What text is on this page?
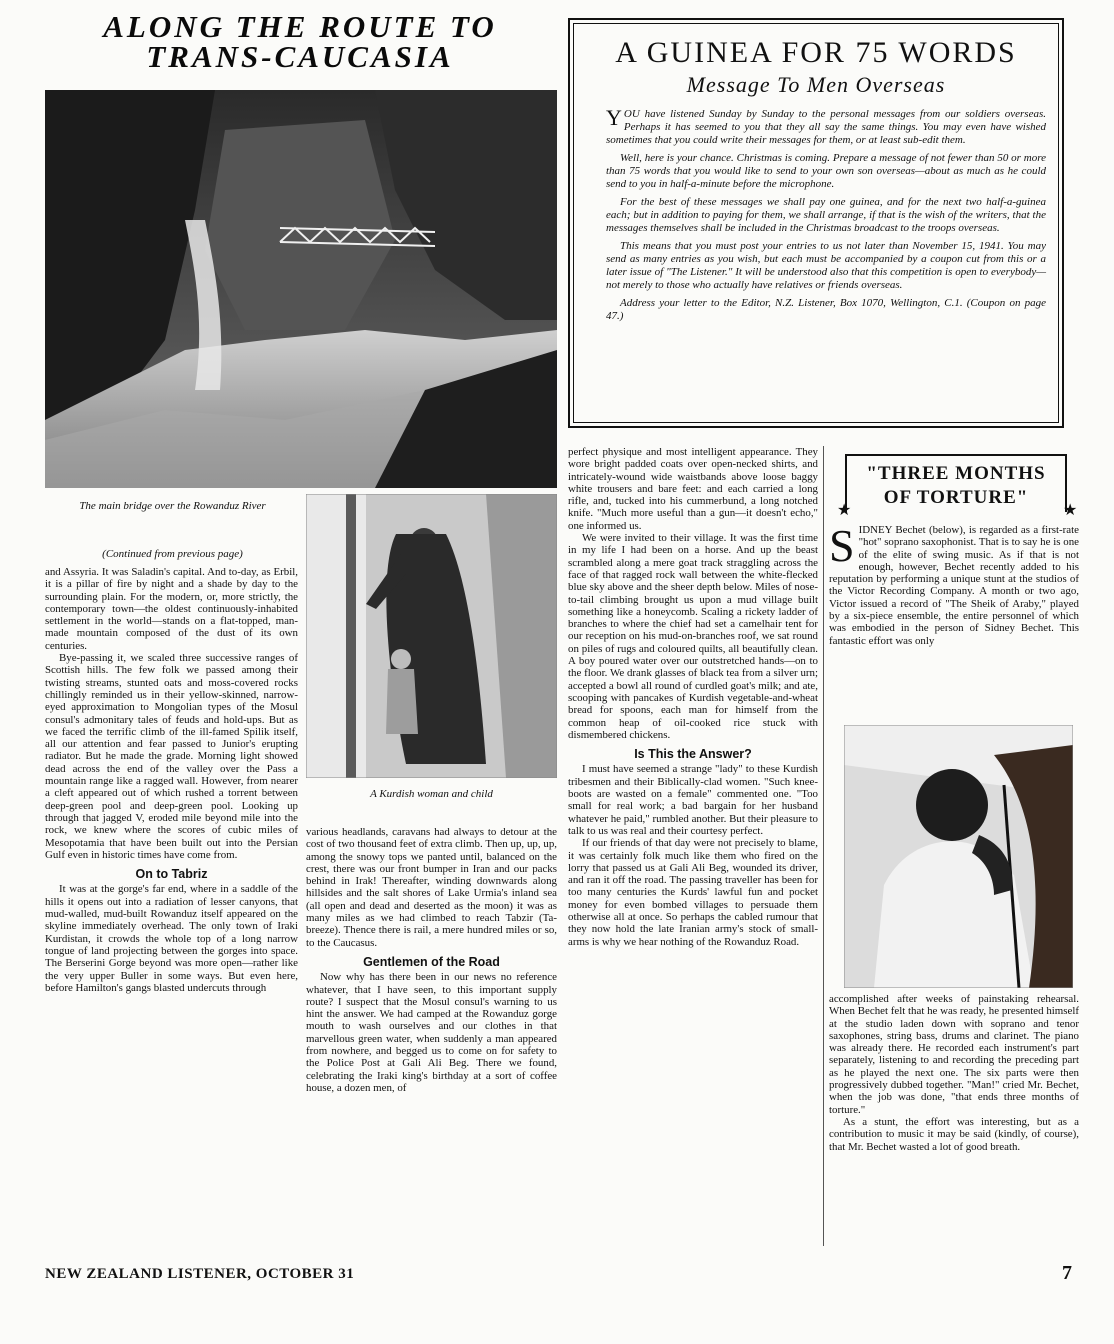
ALONG THE ROUTE TO
TRANS-CAUCASIA
The main bridge over the Rowanduz River
A Kurdish woman and child
(Continued from previous page)

and Assyria. It was Saladin's capital. And to-day, as Erbil, it is a pillar of fire by night and a shade by day to the surrounding plain. For the modern, or, more strictly, the contemporary town—the oldest continuously-inhabited settlement in the world—stands on a flat-topped, man-made mountain composed of the dust of its own centuries.

Bye-passing it, we scaled three successive ranges of Scottish hills. The few folk we passed among their twisting streams, stunted oats and moss-covered rocks chillingly reminded us in their yellow-skinned, narrow-eyed approximation to Mongolian types of the Mosul consul's admonitary tales of feuds and hold-ups. But as we faced the terrific climb of the ill-famed Spilik itself, all our attention and fear passed to Junior's erupting radiator. But he made the grade. Morning light showed dead across the end of the valley over the Pass a mountain range like a ragged wall. However, from nearer a cleft appeared out of which rushed a torrent between deep-green pool and deep-green pool. Looking up through that jagged V, eroded mile beyond mile into the rock, we knew where the scores of cubic miles of Mesopotamia that have been built out into the Persian Gulf even in historic times have come from.

On to Tabriz

It was at the gorge's far end, where in a saddle of the hills it opens out into a radiation of lesser canyons, that mud-walled, mud-built Rowanduz itself appeared on the skyline immediately overhead. The only town of Iraki Kurdistan, it crowds the whole top of a long narrow tongue of land projecting between the gorges into space. The Berserini Gorge beyond was more open—rather like the very upper Buller in some ways. But even here, before Hamilton's gangs blasted undercuts through

various headlands, caravans had always to detour at the cost of two thousand feet of extra climb. Then up, up, up, among the snowy tops we panted until, balanced on the crest, there was our front bumper in Iran and our packs behind in Irak! Thereafter, winding downwards along hillsides and the salt shores of Lake Urmia's inland sea (all open and dead and deserted as the moon) it was as many miles as we had climbed to reach Tabzir (Ta-breeze). Thence there is rail, a mere hundred miles or so, to the Caucasus.

Gentlemen of the Road

Now why has there been in our news no reference whatever, that I have seen, to this important supply route? I suspect that the Mosul consul's warning to us hint the answer. We had camped at the Rowanduz gorge mouth to wash ourselves and our clothes in that marvellous green water, when suddenly a man appeared from nowhere, and begged us to come on for safety to the Police Post at Gali Ali Beg. There we found, celebrating the Iraki king's birthday at a sort of coffee house, a dozen men, of

perfect physique and most intelligent appearance. They wore bright padded coats over open-necked shirts, and intricately-wound wide waistbands above loose baggy white trousers and bare feet: and each carried a long rifle, and, tucked into his cummerbund, a long notched knife. "Much more useful than a gun—it doesn't echo," one informed us.

We were invited to their village. It was the first time in my life I had been on a horse. And up the beast scrambled along a mere goat track straggling across the face of that ragged rock wall between the white-flecked blue sky above and the sheer depth below. Miles of nose-to-tail climbing brought us upon a mud village built something like a honeycomb. Scaling a rickety ladder of branches to where the chief had set a camelhair tent for our reception on his mud-on-branches roof, we sat round on piles of rugs and coloured quilts, all beautifully clean. A boy poured water over our outstretched hands—on to the floor. We drank glasses of black tea from a silver urn; accepted a bowl all round of curdled goat's milk; and ate, scooping with pancakes of Kurdish vegetable-and-wheat bread for spoons, each man for himself from the common heap of oil-cooked rice stuck with dismembered chickens.

Is This the Answer?

I must have seemed a strange "lady" to these Kurdish tribesmen and their Biblically-clad women. "Such knee-boots are wasted on a female" commented one. "Too small for real work; a bad bargain for her husband whatever he paid," rumbled another. But their pleasure to talk to us was real and their courtesy perfect.

If our friends of that day were not precisely to blame, it was certainly folk much like them who fired on the lorry that passed us at Gali Ali Beg, wounded its driver, and ran it off the road. The passing traveller has been for too many centuries the Kurds' lawful fun and pocket money for even bombed villages to persuade them otherwise all at once. So perhaps the cabled rumour that they now hold the late Iranian army's stock of small-arms is why we hear nothing of the Rowanduz Road.

A GUINEA FOR 75 WORDS
Message To Men Overseas

YOU have listened Sunday by Sunday to the personal messages from our soldiers overseas. Perhaps it has seemed to you that they all say the same things. You may even have wished sometimes that you could write their messages for them, or at least sub-edit them.

Well, here is your chance. Christmas is coming. Prepare a message of not fewer than 50 or more than 75 words that you would like to send to your own son overseas—about as much as he could send to you in half-a-minute before the microphone.

For the best of these messages we shall pay one guinea, and for the next two half-a-guinea each; but in addition to paying for them, we shall arrange, if that is the wish of the writers, that the messages themselves shall be included in the Christmas broadcast to the troops overseas.

This means that you must post your entries to us not later than November 15, 1941. You may send as many entries as you wish, but each must be accompanied by a coupon cut from this or a later issue of "The Listener." It will be understood also that this competition is open to everybody—not merely to those who actually have relatives or friends overseas.

Address your letter to the Editor, N.Z. Listener, Box 1070, Wellington, C.1. (Coupon on page 47.)

"THREE MONTHS
OF TORTURE"
★	★

SIDNEY Bechet (below), is regarded as a first-rate "hot" soprano saxophonist. That is to say he is one of the elite of swing music. As if that is not enough, however, Bechet recently added to his reputation by performing a unique stunt at the studios of the Victor Recording Company. A month or two ago, Victor issued a record of "The Sheik of Araby," played by a six-piece ensemble, the entire personnel of which was embodied in the person of Sidney Bechet. This fantastic effort was only

accomplished after weeks of painstaking rehearsal. When Bechet felt that he was ready, he presented himself at the studio laden down with soprano and tenor saxophones, string bass, drums and clarinet. The piano was already there. He recorded each instrument's part separately, listening to and recording the preceding part as he played the next one. The six parts were then progressively dubbed together. "Man!" cried Mr. Bechet, when the job was done, "that ends three months of torture."

As a stunt, the effort was interesting, but as a contribution to music it may be said (kindly, of course), that Mr. Bechet wasted a lot of good breath.

NEW ZEALAND LISTENER, OCTOBER 31	7
